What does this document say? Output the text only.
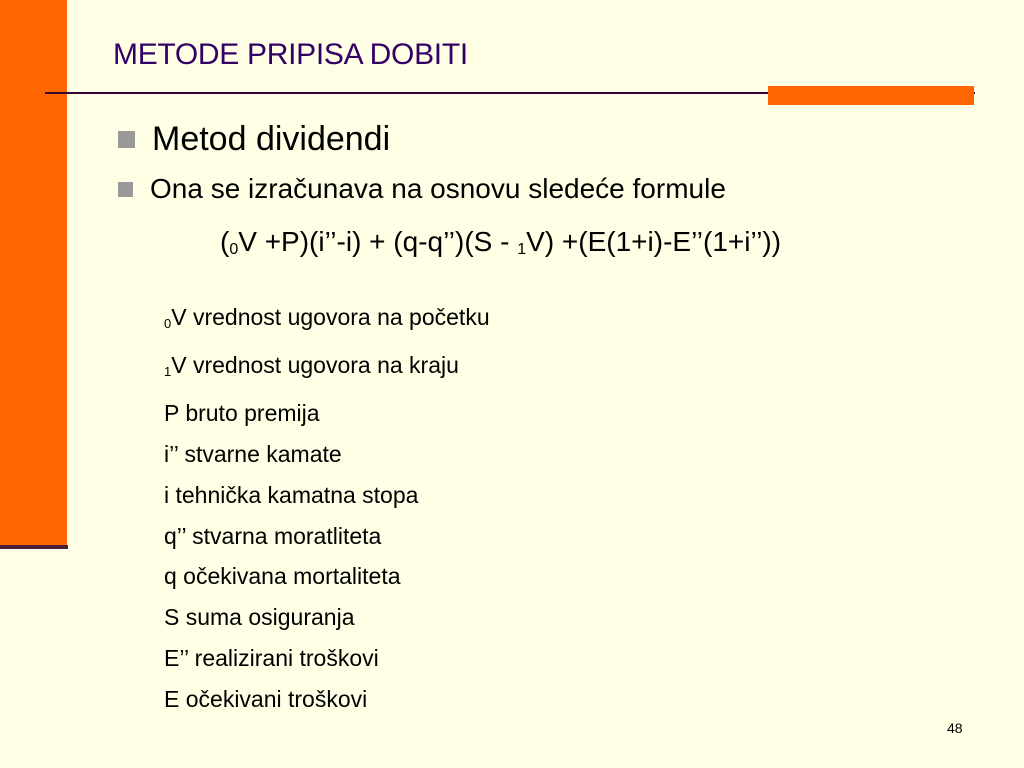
METODE PRIPISA DOBITI
Metod dividendi
Ona se izračunava na osnovu sledeće formule
($_0V$ +P)(i’’-i) + (q-q’’)(S - $_1$V) +(E(1+i)-E’’(1+i’’))
$_0$V vrednost ugovora na početku
$_1$V vrednost ugovora na kraju
P bruto premija
i’’ stvarne kamate
i tehnička kamatna stopa
q’’ stvarna moratliteta
q očekivana mortaliteta
S suma osiguranja
E’’ realizirani troškovi
E očekivani troškovi
48
